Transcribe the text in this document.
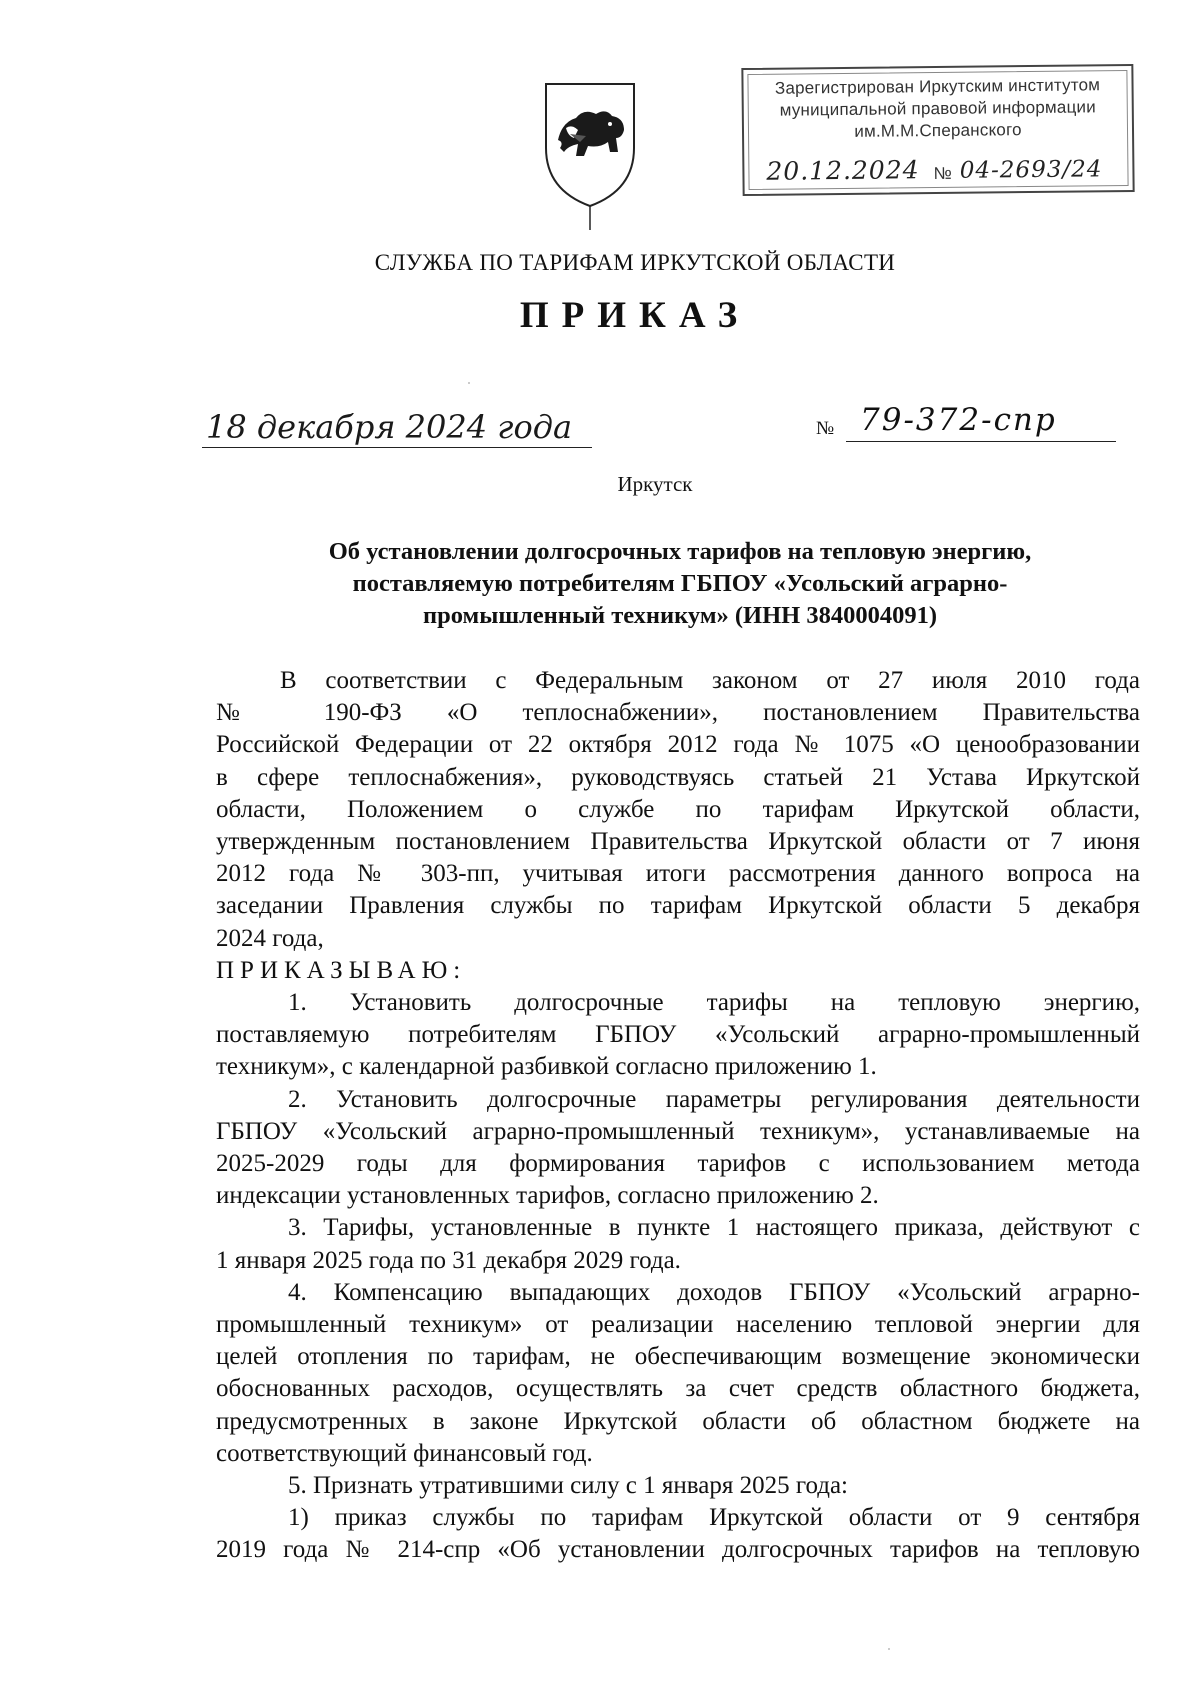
Зарегистрирован Иркутским институтом
муниципальной правовой информации
им.М.М.Сперанского
20.12.2024 № 04-2693/24
СЛУЖБА ПО ТАРИФАМ ИРКУТСКОЙ ОБЛАСТИ
ПРИКАЗ
18 декабря 2024 года	№ 79-372-спр
Иркутск
Об установлении долгосрочных тарифов на тепловую энергию,
поставляемую потребителям ГБПОУ «Усольский аграрно-
промышленный техникум» (ИНН 3840004091)
В соответствии с Федеральным законом от 27 июля 2010 года
№ 190-ФЗ «О теплоснабжении», постановлением Правительства
Российской Федерации от 22 октября 2012 года № 1075 «О ценообразовании
в сфере теплоснабжения», руководствуясь статьей 21 Устава Иркутской
области, Положением о службе по тарифам Иркутской области,
утвержденным постановлением Правительства Иркутской области от 7 июня
2012 года № 303-пп, учитывая итоги рассмотрения данного вопроса на
заседании Правления службы по тарифам Иркутской области 5 декабря
2024 года,
ПРИКАЗЫВАЮ:
1. Установить долгосрочные тарифы на тепловую энергию,
поставляемую потребителям ГБПОУ «Усольский аграрно-промышленный
техникум», с календарной разбивкой согласно приложению 1.
2. Установить долгосрочные параметры регулирования деятельности
ГБПОУ «Усольский аграрно-промышленный техникум», устанавливаемые на
2025-2029 годы для формирования тарифов с использованием метода
индексации установленных тарифов, согласно приложению 2.
3. Тарифы, установленные в пункте 1 настоящего приказа, действуют с
1 января 2025 года по 31 декабря 2029 года.
4. Компенсацию выпадающих доходов ГБПОУ «Усольский аграрно-
промышленный техникум» от реализации населению тепловой энергии для
целей отопления по тарифам, не обеспечивающим возмещение экономически
обоснованных расходов, осуществлять за счет средств областного бюджета,
предусмотренных в законе Иркутской области об областном бюджете на
соответствующий финансовый год.
5. Признать утратившими силу с 1 января 2025 года:
1) приказ службы по тарифам Иркутской области от 9 сентября
2019 года № 214-спр «Об установлении долгосрочных тарифов на тепловую
